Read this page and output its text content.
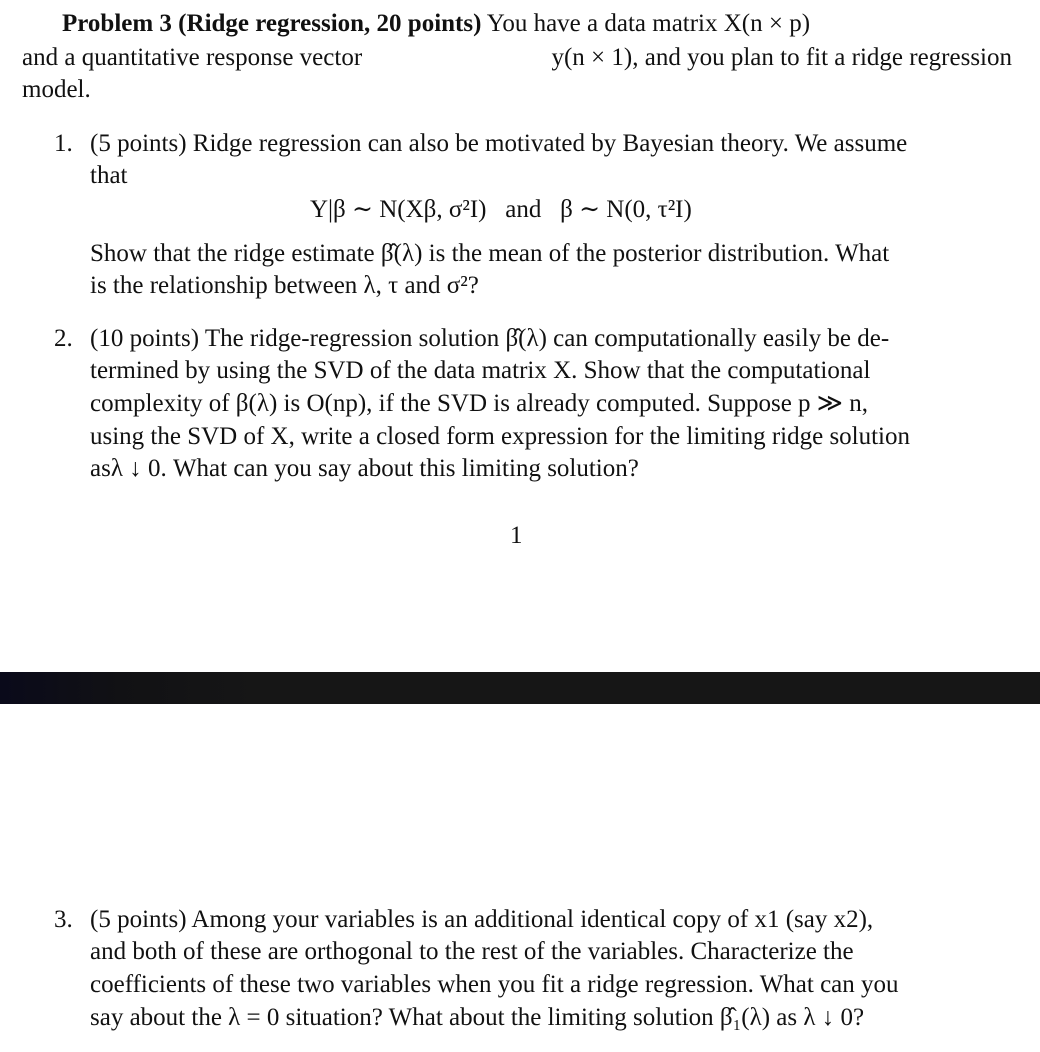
Problem 3 (Ridge regression, 20 points) You have a data matrix X(n × p)
and a quantitative response vector	y(n × 1), and you plan to fit a ridge regression
model.
1. (5 points) Ridge regression can also be motivated by Bayesian theory. We assume
that
Y|β ∼ N(Xβ, σ²I)   and   β ∼ N(0, τ²I)
Show that the ridge estimate β̂(λ) is the mean of the posterior distribution. What
is the relationship between λ, τ and σ²?
2. (10 points) The ridge-regression solution β̂(λ) can computationally easily be de-
termined by using the SVD of the data matrix X. Show that the computational
complexity of β(λ) is O(np), if the SVD is already computed. Suppose p ≫ n,
using the SVD of X, write a closed form expression for the limiting ridge solution
asλ ↓ 0. What can you say about this limiting solution?
1
3. (5 points) Among your variables is an additional identical copy of x1 (say x2),
and both of these are orthogonal to the rest of the variables. Characterize the
coefficients of these two variables when you fit a ridge regression. What can you
say about the λ = 0 situation? What about the limiting solution β̂₁(λ) as λ ↓ 0?
